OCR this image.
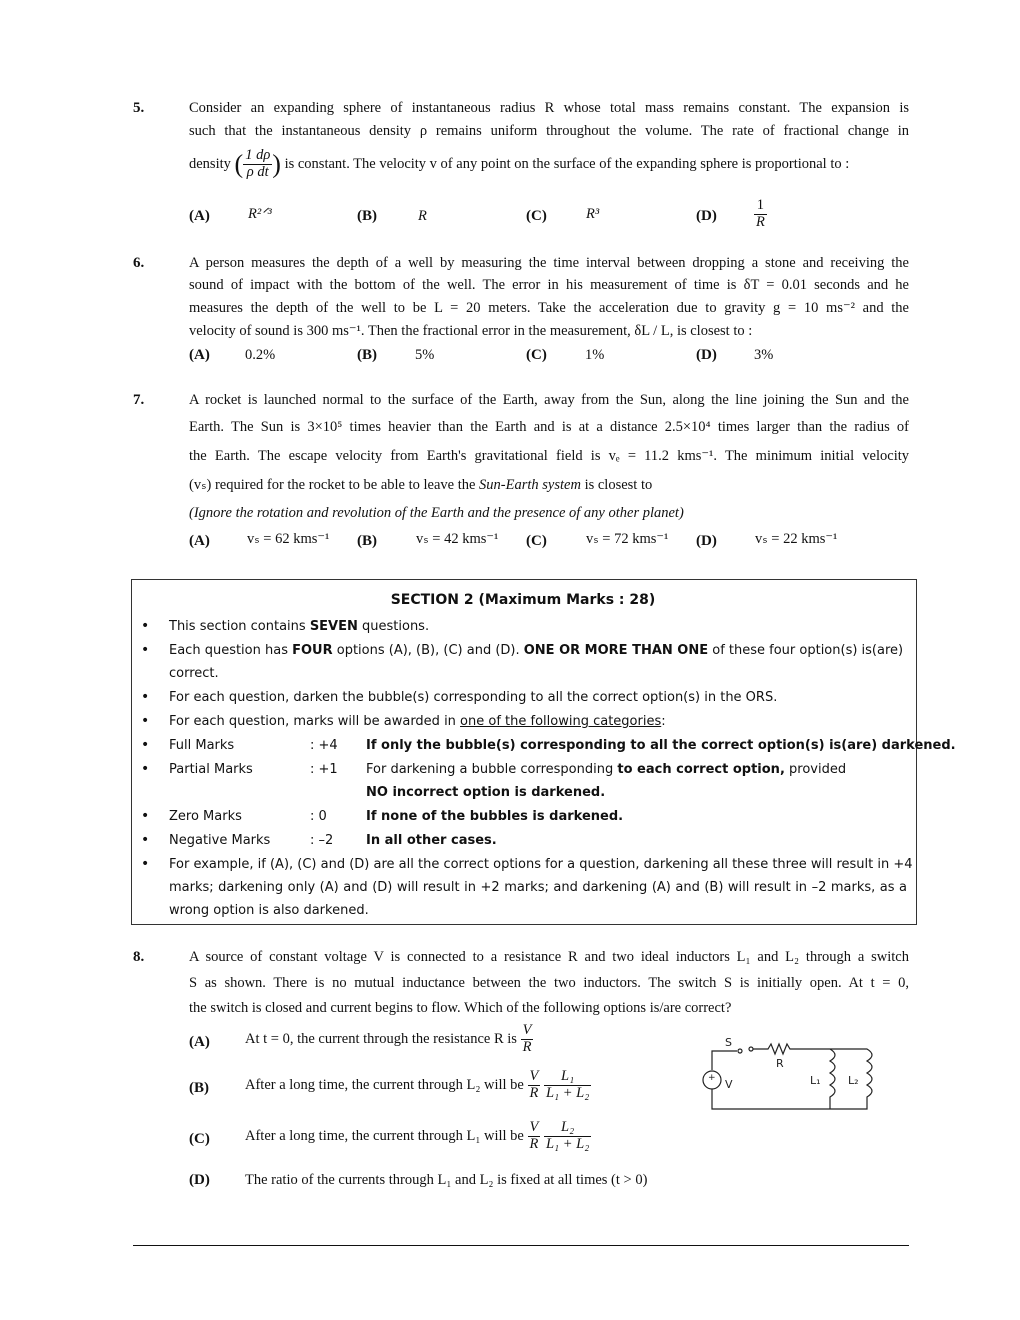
5.	Consider an expanding sphere of instantaneous radius R whose total mass remains constant. The expansion is
such that the instantaneous density ρ remains uniform throughout the volume. The rate of fractional change in
density ( $\frac{1 d\rho}{\text{ρ dt}}$ ) is constant. The velocity v of any point on the surface of the expanding sphere is proportional to :
(A)	R²ᐟ³	(B)	R	(C)	R³	(D)	$\frac{1}{R}$
6.	A person measures the depth of a well by measuring the time interval between dropping a stone and receiving the
sound of impact with the bottom of the well. The error in his measurement of time is δT = 0.01 seconds and he
measures the depth of the well to be L = 20 meters. Take the acceleration due to gravity g = 10 ms⁻² and the
velocity of sound is 300 ms⁻¹. Then the fractional error in the measurement, δL / L, is closest to :
(A) 0.2%	(B)	5%	(C)	1%	(D)	3%
7.	A rocket is launched normal to the surface of the Earth, away from the Sun, along the line joining the Sun and the
Earth. The Sun is 3×10⁵ times heavier than the Earth and is at a distance 2.5×10⁴ times larger than the radius of
the Earth. The escape velocity from Earth's gravitational field is vₑ = 11.2 kms⁻¹. The minimum initial velocity
(vₛ) required for the rocket to be able to leave the Sun-Earth system is closest to
(Ignore the rotation and revolution of the Earth and the presence of any other planet)
(A)	vₛ = 62 kms⁻¹ (B)	vₛ = 42 kms⁻¹ (C)	vₛ = 72 kms⁻¹ (D)	vₛ = 22 kms⁻¹
SECTION 2 (Maximum Marks : 28)
• This section contains SEVEN questions.
• Each question has FOUR options (A), (B), (C) and (D). ONE OR MORE THAN ONE of these four option(s) is(are)
correct.
• For each question, darken the bubble(s) corresponding to all the correct option(s) in the ORS.
• For each question, marks will be awarded in one of the following categories:
• Full Marks	: +4 If only the bubble(s) corresponding to all the correct option(s) is(are) darkened.
• Partial Marks	: +1 For darkening a bubble corresponding to each correct option, provided
NO incorrect option is darkened.
• Zero Marks	: 0	If none of the bubbles is darkened.
• Negative Marks	: –2	In all other cases.
• For example, if (A), (C) and (D) are all the correct options for a question, darkening all these three will result in +4
marks; darkening only (A) and (D) will result in +2 marks; and darkening (A) and (B) will result in –2 marks, as a
wrong option is also darkened.
8.	A source of constant voltage V is connected to a resistance R and two ideal inductors L₁ and L₂ through a switch
S as shown. There is no mutual inductance between the two inductors. The switch S is initially open. At t = 0,
the switch is closed and current begins to flow. Which of the following options is/are correct?
(A) At t = 0, the current through the resistance R is $\frac{V}{R}$
(B) After a long time, the current through L₂ will be $\frac{V}{R}$
$\frac{\text{L₁}}{\text{L₁ + L₂}}$
(C) After a long time, the current through L₁ will be $\frac{V}{R}$
$\frac{\text{L₂}}{\text{L₁ + L₂}}$
(D) The ratio of the currents through L₁ and L₂ is fixed at all times (t > 0)
S
R
V
+	L₁ L₂
